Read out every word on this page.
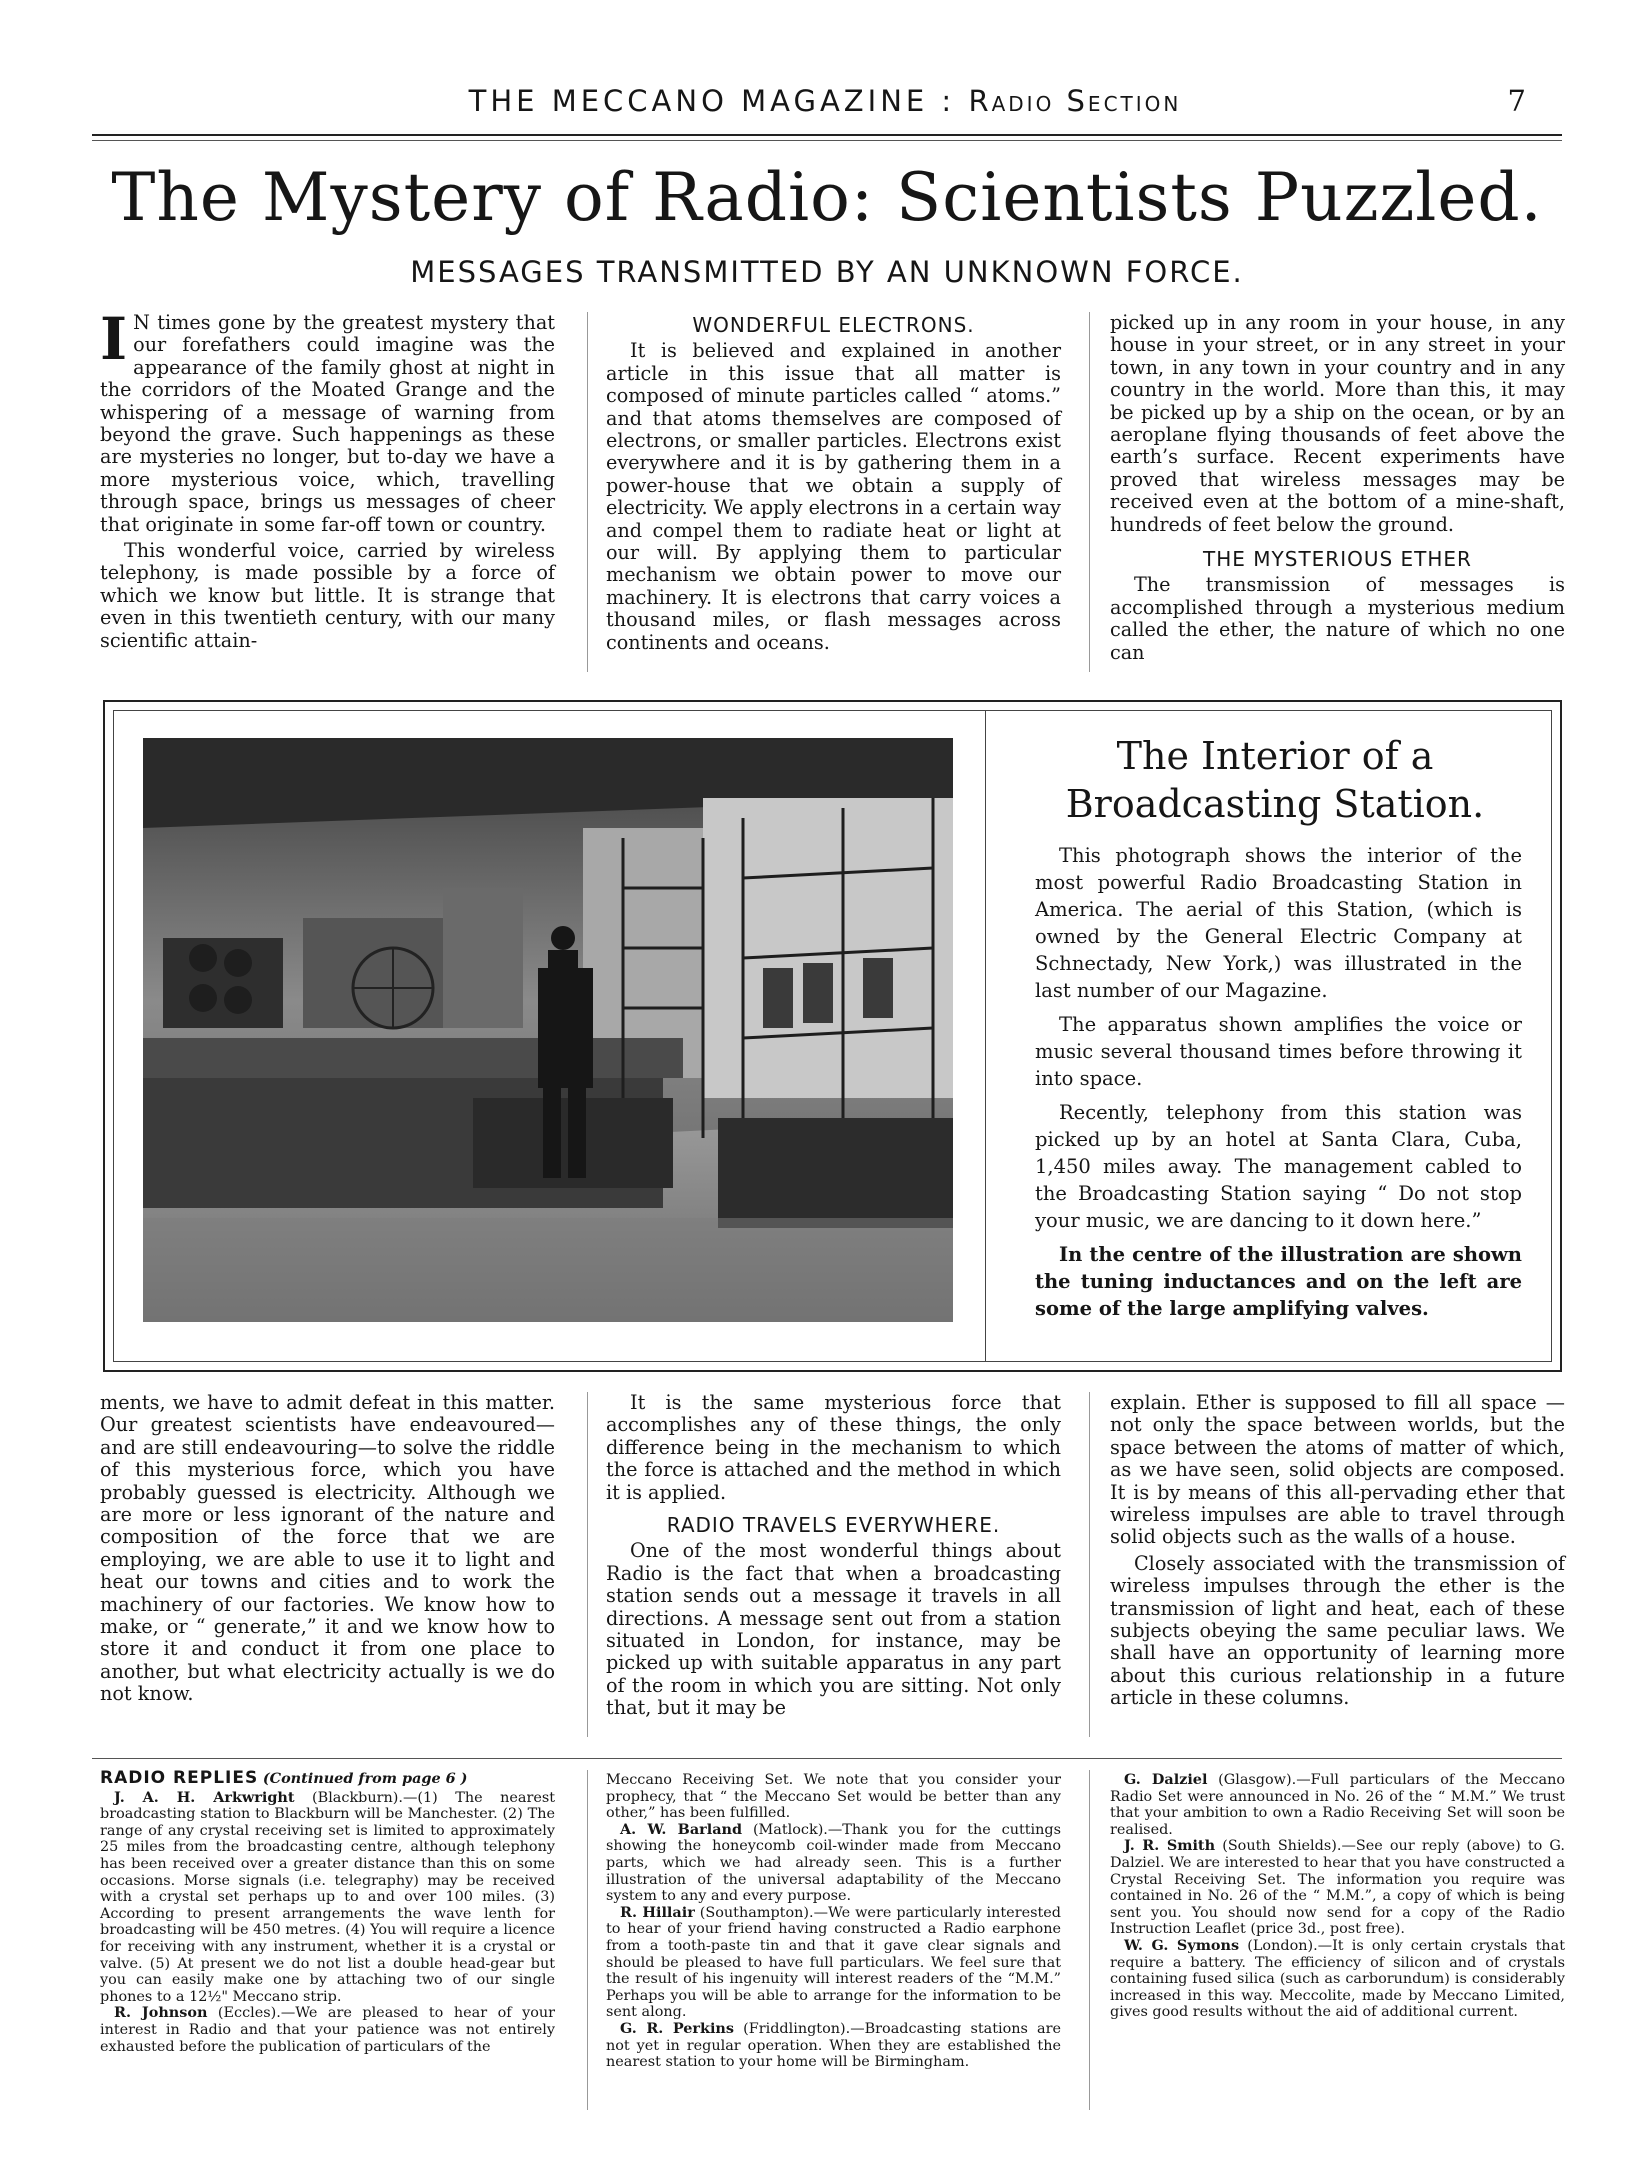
THE MECCANO MAGAZINE : Radio Section	7
The Mystery of Radio: Scientists Puzzled.
MESSAGES TRANSMITTED BY AN UNKNOWN FORCE.

I N times gone by the greatest mystery that our forefathers could imagine was the appearance of the family ghost at night in the corridors of the Moated Grange and the whispering of a message of warning from beyond the grave. Such happenings as these are mysteries no longer, but to-day we have a more mysterious voice, which, travelling through space, brings us messages of cheer that originate in some far-off town or country.

This wonderful voice, carried by wireless telephony, is made possible by a force of which we know but little. It is strange that even in this twentieth century, with our many scientific attain-

WONDERFUL ELECTRONS.

It is believed and explained in another article in this issue that all matter is composed of minute particles called “ atoms.” and that atoms themselves are composed of electrons, or smaller particles. Electrons exist everywhere and it is by gathering them in a power-house that we obtain a supply of electricity. We apply electrons in a certain way and compel them to radiate heat or light at our will. By applying them to particular mechanism we obtain power to move our machinery. It is electrons that carry voices a thousand miles, or flash messages across continents and oceans.

picked up in any room in your house, in any house in your street, or in any street in your town, in any town in your country and in any country in the world. More than this, it may be picked up by a ship on the ocean, or by an aeroplane flying thousands of feet above the earth’s surface. Recent experiments have proved that wireless messages may be received even at the bottom of a mine-shaft, hundreds of feet below the ground.

THE MYSTERIOUS ETHER

The transmission of messages is accomplished through a mysterious medium called the ether, the nature of which no one can

The Interior of a Broadcasting Station.

This photograph shows the interior of the most powerful Radio Broadcasting Station in America. The aerial of this Station, (which is owned by the General Electric Company at Schnectady, New York,) was illustrated in the last number of our Magazine.

The apparatus shown amplifies the voice or music several thousand times before throwing it into space.

Recently, telephony from this station was picked up by an hotel at Santa Clara, Cuba, 1,450 miles away. The management cabled to the Broadcasting Station saying “ Do not stop your music, we are dancing to it down here.”

In the centre of the illustration are shown the tuning inductances and on the left are some of the large amplifying valves.

ments, we have to admit defeat in this matter. Our greatest scientists have endeavoured—and are still endeavouring—to solve the riddle of this mysterious force, which you have probably guessed is electricity. Although we are more or less ignorant of the nature and composition of the force that we are employing, we are able to use it to light and heat our towns and cities and to work the machinery of our factories. We know how to make, or “ generate,” it and we know how to store it and conduct it from one place to another, but what electricity actually is we do not know.

It is the same mysterious force that accomplishes any of these things, the only difference being in the mechanism to which the force is attached and the method in which it is applied.

RADIO TRAVELS EVERYWHERE.

One of the most wonderful things about Radio is the fact that when a broadcasting station sends out a message it travels in all directions. A message sent out from a station situated in London, for instance, may be picked up with suitable apparatus in any part of the room in which you are sitting. Not only that, but it may be

explain. Ether is supposed to fill all space — not only the space between worlds, but the space between the atoms of matter of which, as we have seen, solid objects are composed. It is by means of this all-pervading ether that wireless impulses are able to travel through solid objects such as the walls of a house.

Closely associated with the transmission of wireless impulses through the ether is the transmission of light and heat, each of these subjects obeying the same peculiar laws. We shall have an opportunity of learning more about this curious relationship in a future article in these columns.

RADIO REPLIES (Continued from page 6 )

J. A. H. Arkwright (Blackburn).—(1) The nearest broadcasting station to Blackburn will be Manchester. (2) The range of any crystal receiving set is limited to approximately 25 miles from the broadcasting centre, although telephony has been received over a greater distance than this on some occasions. Morse signals (i.e. telegraphy) may be received with a crystal set perhaps up to and over 100 miles. (3) According to present arrangements the wave lenth for broadcasting will be 450 metres. (4) You will require a licence for receiving with any instrument, whether it is a crystal or valve. (5) At present we do not list a double head-gear but you can easily make one by attaching two of our single phones to a 12½" Meccano strip.

R. Johnson (Eccles).—We are pleased to hear of your interest in Radio and that your patience was not entirely exhausted before the publication of particulars of the

Meccano Receiving Set. We note that you consider your prophecy, that “ the Meccano Set would be better than any other,” has been fulfilled.

A. W. Barland (Matlock).—Thank you for the cuttings showing the honeycomb coil-winder made from Meccano parts, which we had already seen. This is a further illustration of the universal adaptability of the Meccano system to any and every purpose.

R. Hillair (Southampton).—We were particularly interested to hear of your friend having constructed a Radio earphone from a tooth-paste tin and that it gave clear signals and should be pleased to have full particulars. We feel sure that the result of his ingenuity will interest readers of the “M.M.” Perhaps you will be able to arrange for the information to be sent along.

G. R. Perkins (Friddlington).—Broadcasting stations are not yet in regular operation. When they are established the nearest station to your home will be Birmingham.

G. Dalziel (Glasgow).—Full particulars of the Meccano Radio Set were announced in No. 26 of the “ M.M.” We trust that your ambition to own a Radio Receiving Set will soon be realised.

J. R. Smith (South Shields).—See our reply (above) to G. Dalziel. We are interested to hear that you have constructed a Crystal Receiving Set. The information you require was contained in No. 26 of the “ M.M.”, a copy of which is being sent you. You should now send for a copy of the Radio Instruction Leaflet (price 3d., post free).

W. G. Symons (London).—It is only certain crystals that require a battery. The efficiency of silicon and of crystals containing fused silica (such as carborundum) is considerably increased in this way. Meccolite, made by Meccano Limited, gives good results without the aid of additional current.
